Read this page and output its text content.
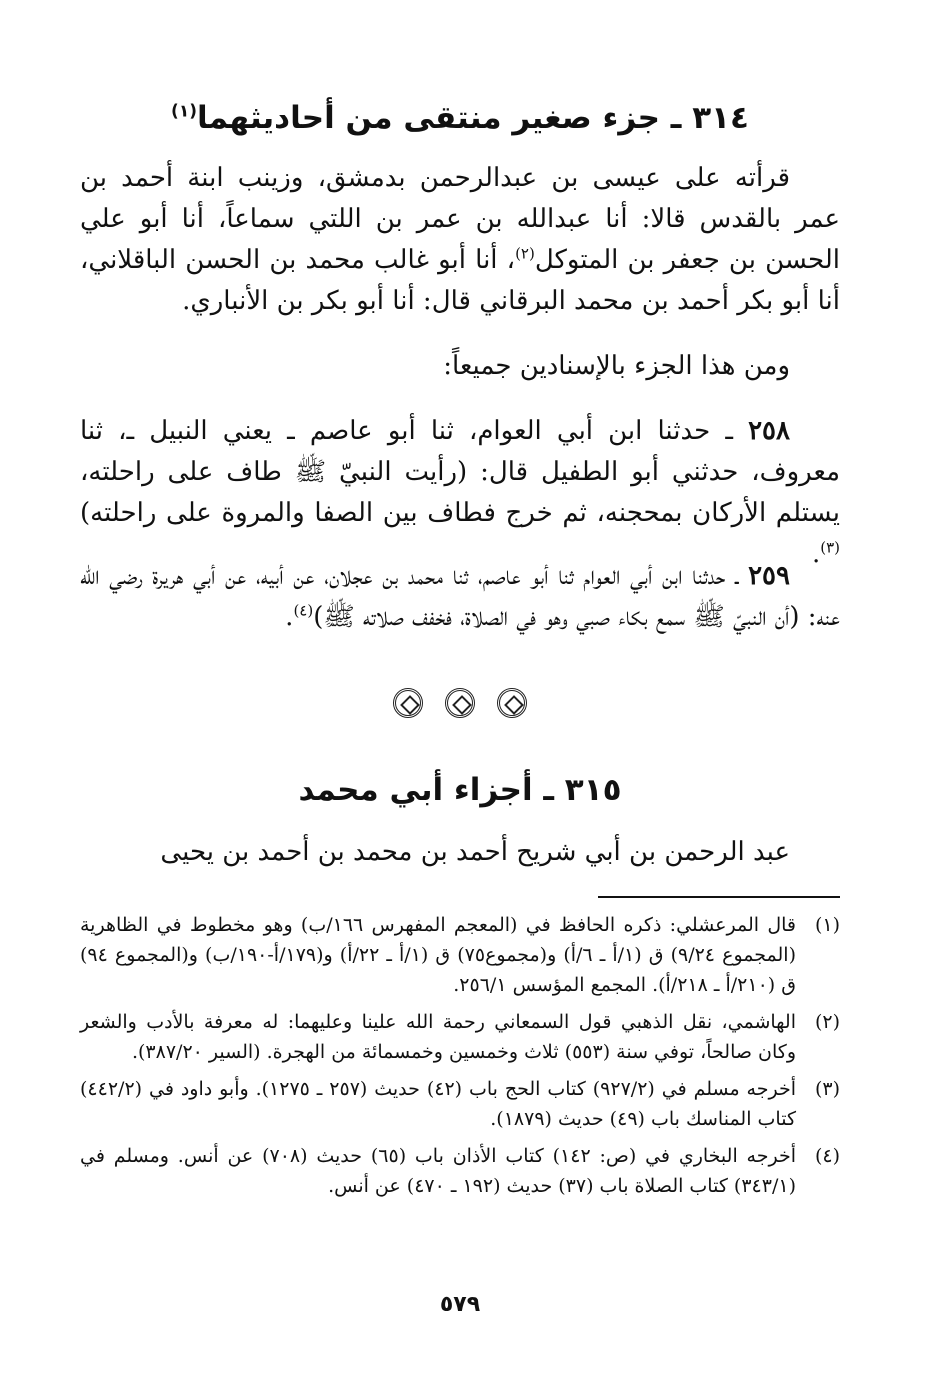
٣١٤ ـ جزء صغير منتقى من أحاديثهما$^{(١)}$

قرأته على عيسى بن عبدالرحمن بدمشق، وزينب ابنة أحمد بن عمر بالقدس قالا: أنا عبدالله بن عمر بن اللتي سماعاً، أنا أبو علي الحسن بن جعفر بن المتوكل$^{(٢)}$، أنا أبو غالب محمد بن الحسن الباقلاني، أنا أبو بكر أحمد بن محمد البرقاني قال: أنا أبو بكر بن الأنباري.

ومن هذا الجزء بالإسنادين جميعاً:

٢٥٨ ـ حدثنا ابن أبي العوام، ثنا أبو عاصم ـ يعني النبيل ـ، ثنا معروف، حدثني أبو الطفيل قال: (رأيت النبيّ ﷺ طاف على راحلته، يستلم الأركان بمحجنه، ثم خرج فطاف بين الصفا والمروة على راحلته)$^{(٣)}$.

٢٥٩ ـ حدثنا ابن أبي العوام ثنا أبو عاصم، ثنا محمد بن عجلان، عن أبيه، عن أبي هريرة رضي الله عنه: (أن النبيّ ﷺ سمع بكاء صبي وهو في الصلاة، فخفف صلاته ﷺ)$^{(٤)}$.

٣١٥ ـ أجزاء أبي محمد

عبد الرحمن بن أبي شريح أحمد بن محمد بن أحمد بن يحيى

(١)
قال المرعشلي: ذكره الحافظ في (المعجم المفهرس ١٦٦/ب) وهو مخطوط في الظاهرية (المجموع ٩/٢٤) ق (١/أ ـ ٦/أ) و(مجموع٧٥) ق (١/أ ـ ٢٢/أ) و(١٧٩/أ-١٩٠/ب) و(المجموع ٩٤) ق (٢١٠/أ ـ ٢١٨/أ). المجمع المؤسس ٢٥٦/١.
(٢)
الهاشمي، نقل الذهبي قول السمعاني رحمة الله علينا وعليهما: له معرفة بالأدب والشعر وكان صالحاً، توفي سنة (٥٥٣) ثلاث وخمسين وخمسمائة من الهجرة. (السير ٣٨٧/٢٠).
(٣)
أخرجه مسلم في (٩٢٧/٢) كتاب الحج باب (٤٢) حديث (٢٥٧ ـ ١٢٧٥). وأبو داود في (٤٤٢/٢) كتاب المناسك باب (٤٩) حديث (١٨٧٩).
(٤)
أخرجه البخاري في (ص: ١٤٢) كتاب الأذان باب (٦٥) حديث (٧٠٨) عن أنس. ومسلم في (٣٤٣/١) كتاب الصلاة باب (٣٧) حديث (١٩٢ ـ ٤٧٠) عن أنس.
٥٧٩
